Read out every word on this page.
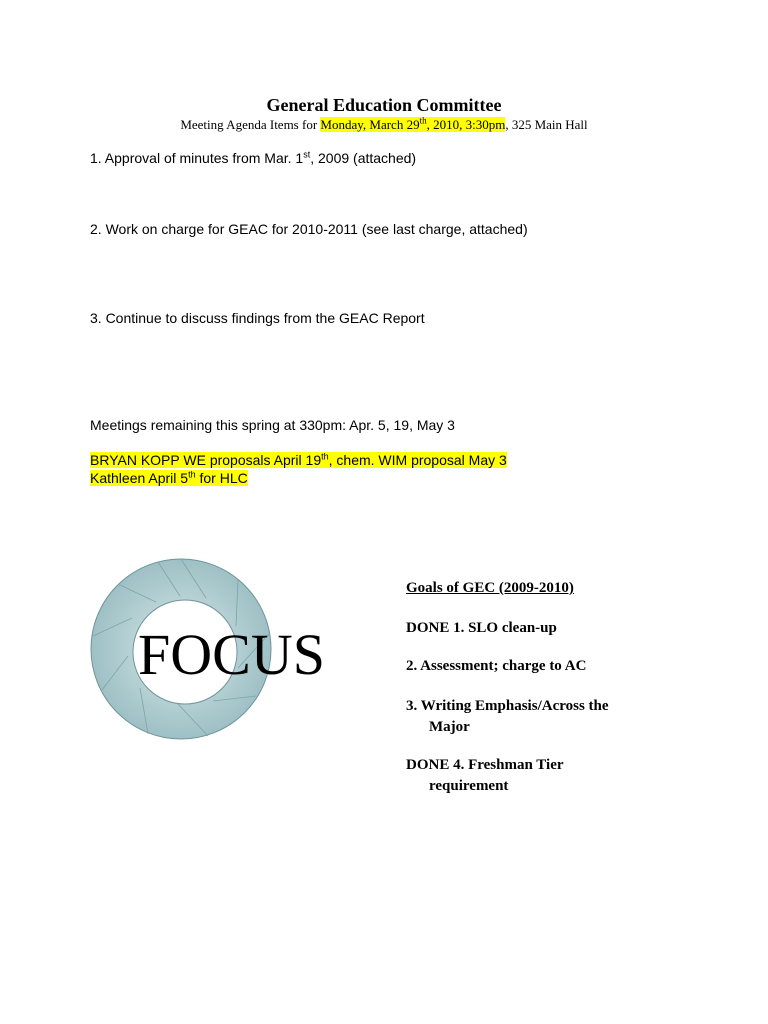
General Education Committee
Meeting Agenda Items for Monday, March 29th, 2010, 3:30pm, 325 Main Hall
1. Approval of minutes from Mar. 1st, 2009 (attached)
2. Work on charge for GEAC for 2010-2011 (see last charge, attached)
3. Continue to discuss findings from the GEAC Report
Meetings remaining this spring at 330pm: Apr. 5, 19, May 3
BRYAN KOPP WE proposals April 19th, chem. WIM proposal May 3
Kathleen April 5th for HLC
FOCUS
Goals of GEC (2009-2010)
DONE 1. SLO clean-up
2. Assessment; charge to AC
3. Writing Emphasis/Across the
Major
DONE 4. Freshman Tier
requirement
